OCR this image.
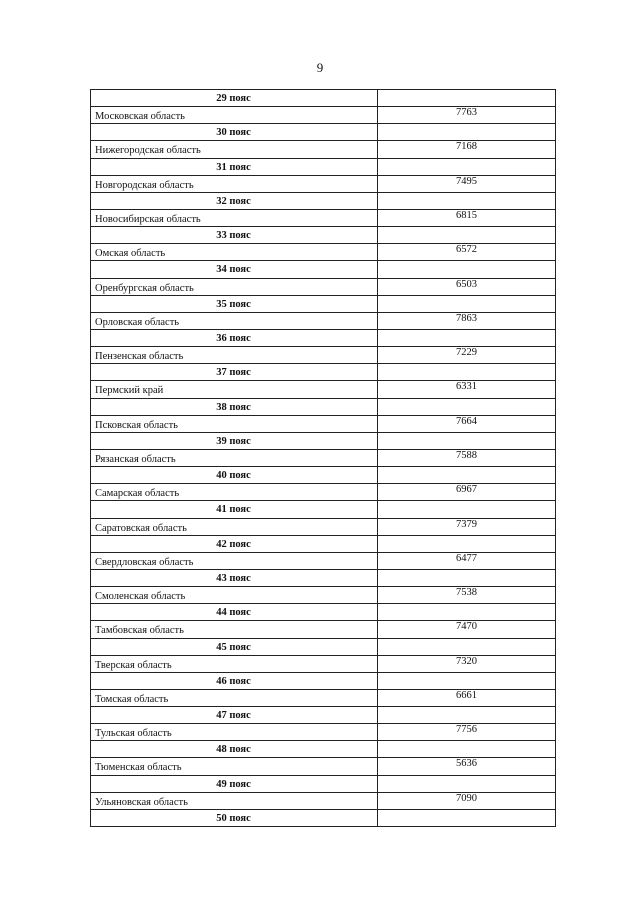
9
29 пояс
Московская область	7763
30 пояс
Нижегородская область	7168
31 пояс
Новгородская область	7495
32 пояс
Новосибирская область	6815
33 пояс
Омская область	6572
34 пояс
Оренбургская область	6503
35 пояс
Орловская область	7863
36 пояс
Пензенская область	7229
37 пояс
Пермский край	6331
38 пояс
Псковская область	7664
39 пояс
Рязанская область	7588
40 пояс
Самарская область	6967
41 пояс
Саратовская область	7379
42 пояс
Свердловская область	6477
43 пояс
Смоленская область	7538
44 пояс
Тамбовская область	7470
45 пояс
Тверская область	7320
46 пояс
Томская область	6661
47 пояс
Тульская область	7756
48 пояс
Тюменская область	5636
49 пояс
Ульяновская область	7090
50 пояс
